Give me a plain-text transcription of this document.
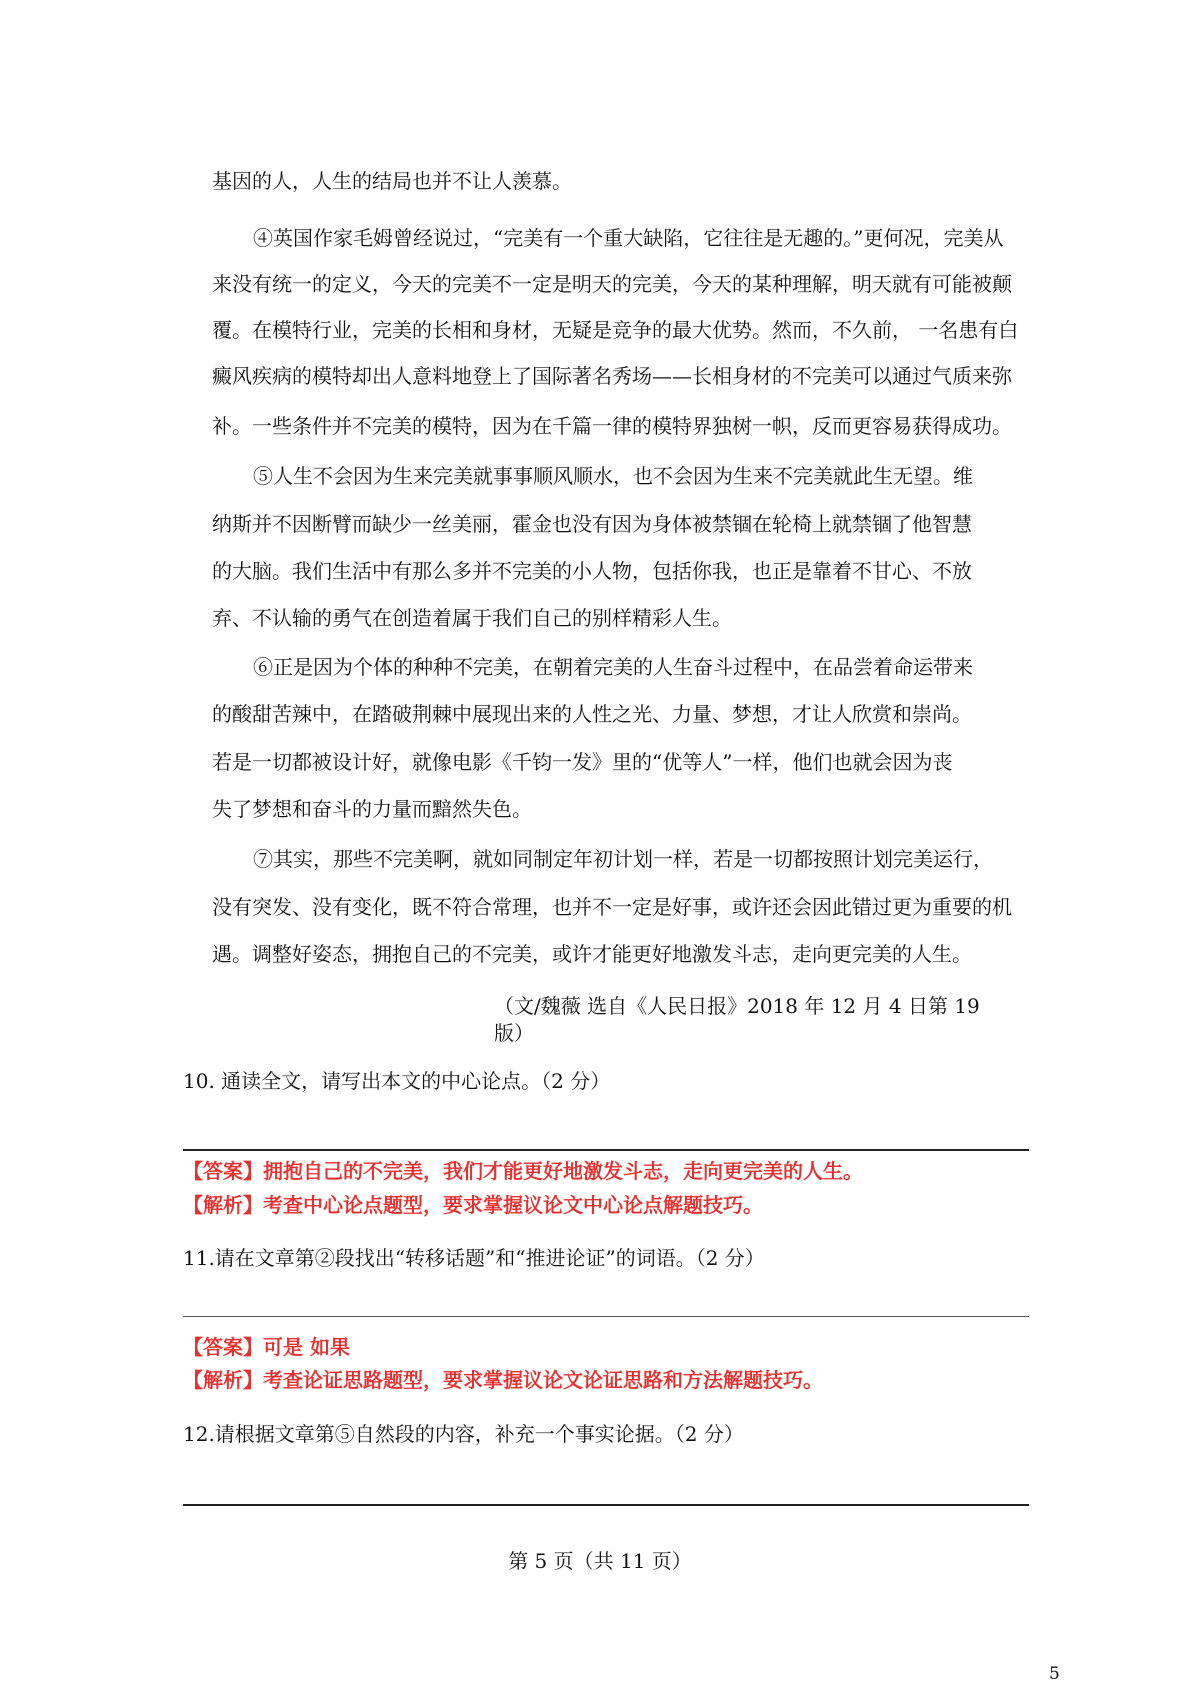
基因的人，人生的结局也并不让人羡慕。
④英国作家毛姆曾经说过，“完美有一个重大缺陷，它往往是无趣的。”更何况，完美从
来没有统一的定义，今天的完美不一定是明天的完美，今天的某种理解，明天就有可能被颠
覆。在模特行业，完美的长相和身材，无疑是竞争的最大优势。然而，不久前， 一名患有白
癜风疾病的模特却出人意料地登上了国际著名秀场——长相身材的不完美可以通过气质来弥
补。一些条件并不完美的模特，因为在千篇一律的模特界独树一帜，反而更容易获得成功。
⑤人生不会因为生来完美就事事顺风顺水，也不会因为生来不完美就此生无望。维
纳斯并不因断臂而缺少一丝美丽，霍金也没有因为身体被禁锢在轮椅上就禁锢了他智慧
的大脑。我们生活中有那么多并不完美的小人物，包括你我，也正是靠着不甘心、不放
弃、不认输的勇气在创造着属于我们自己的别样精彩人生。
⑥正是因为个体的种种不完美，在朝着完美的人生奋斗过程中，在品尝着命运带来
的酸甜苦辣中，在踏破荆棘中展现出来的人性之光、力量、梦想，才让人欣赏和崇尚。
若是一切都被设计好，就像电影《千钧一发》里的“优等人”一样，他们也就会因为丧
失了梦想和奋斗的力量而黯然失色。
⑦其实，那些不完美啊，就如同制定年初计划一样，若是一切都按照计划完美运行，
没有突发、没有变化，既不符合常理，也并不一定是好事，或许还会因此错过更为重要的机
遇。调整好姿态，拥抱自己的不完美，或许才能更好地激发斗志，走向更完美的人生。
（文/魏薇 选自《人民日报》2018 年 12 月 4 日第 19
版）
10. 通读全文，请写出本文的中心论点。（2 分）
【答案】拥抱自己的不完美，我们才能更好地激发斗志，走向更完美的人生。
【解析】考查中心论点题型，要求掌握议论文中心论点解题技巧。
11.请在文章第②段找出“转移话题”和“推进论证”的词语。（2 分）
【答案】可是 如果
【解析】考查论证思路题型，要求掌握议论文论证思路和方法解题技巧。
12.请根据文章第⑤自然段的内容，补充一个事实论据。（2 分）
第 5 页（共 11 页）
5
